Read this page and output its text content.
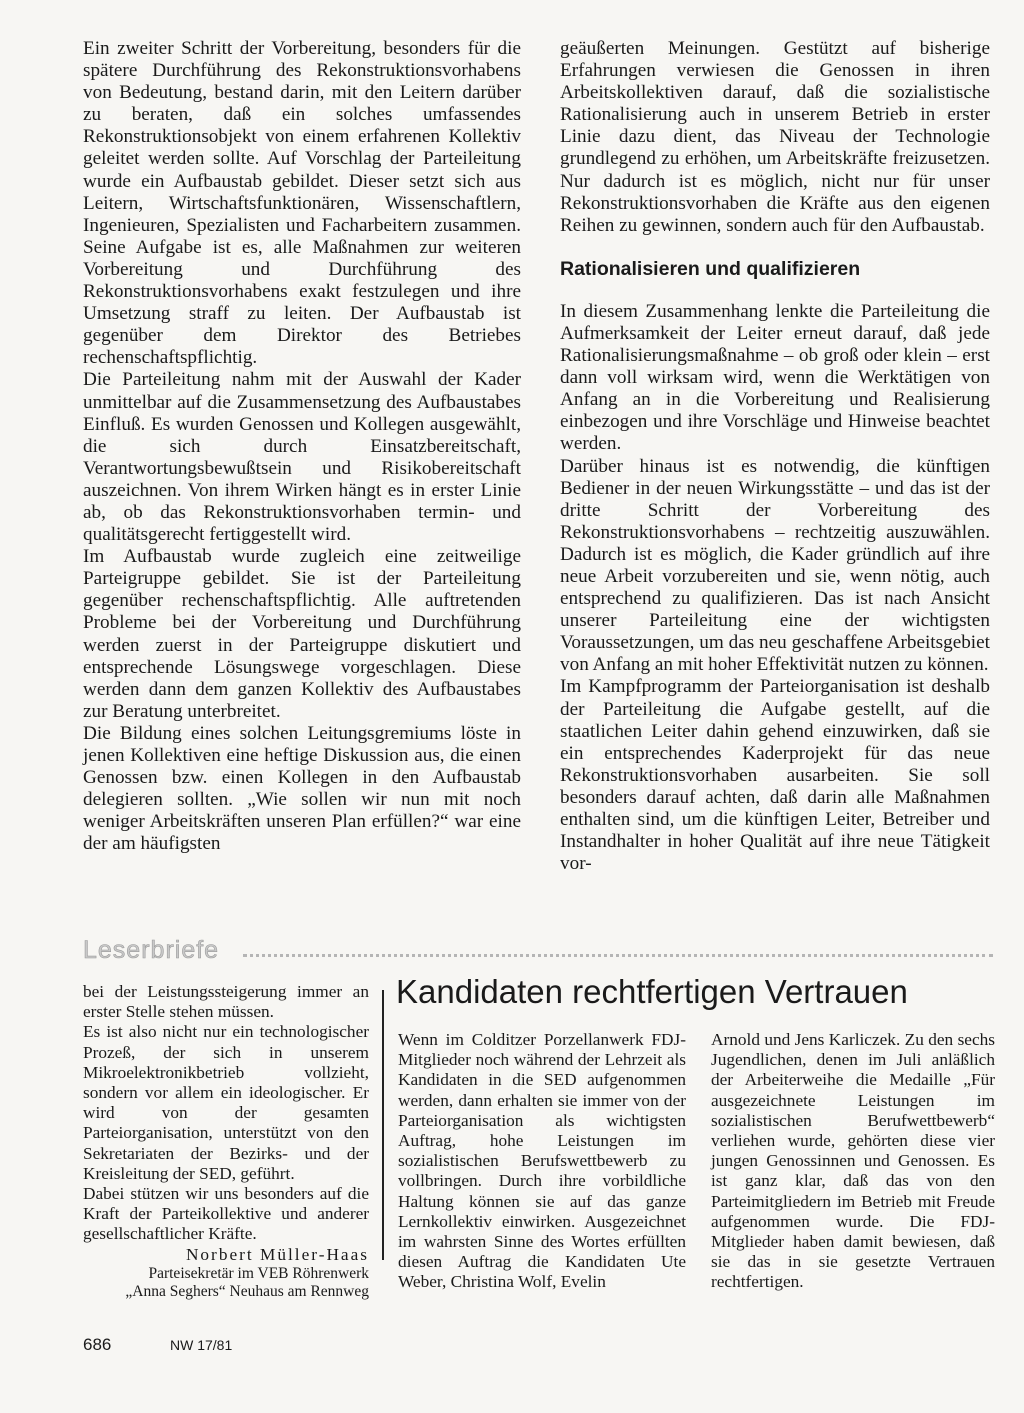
Ein zweiter Schritt der Vorbereitung, besonders für die spätere Durchführung des Rekonstruktionsvorhabens von Bedeutung, bestand darin, mit den Leitern darüber zu beraten, daß ein solches umfassendes Rekonstruktionsobjekt von einem erfahrenen Kollektiv geleitet werden sollte. Auf Vorschlag der Parteileitung wurde ein Aufbaustab gebildet. Dieser setzt sich aus Leitern, Wirtschaftsfunktionären, Wissenschaftlern, Ingenieuren, Spezialisten und Facharbeitern zusammen. Seine Aufgabe ist es, alle Maßnahmen zur weiteren Vorbereitung und Durchführung des Rekonstruktionsvorhabens exakt festzulegen und ihre Umsetzung straff zu leiten. Der Aufbaustab ist gegenüber dem Direktor des Betriebes rechenschaftspflichtig.

Die Parteileitung nahm mit der Auswahl der Kader unmittelbar auf die Zusammensetzung des Aufbaustabes Einfluß. Es wurden Genossen und Kollegen ausgewählt, die sich durch Einsatzbereitschaft, Verantwortungsbewußtsein und Risikobereitschaft auszeichnen. Von ihrem Wirken hängt es in erster Linie ab, ob das Rekonstruktionsvorhaben termin- und qualitätsgerecht fertiggestellt wird.

Im Aufbaustab wurde zugleich eine zeitweilige Parteigruppe gebildet. Sie ist der Parteileitung gegenüber rechenschaftspflichtig. Alle auftretenden Probleme bei der Vorbereitung und Durchführung werden zuerst in der Parteigruppe diskutiert und entsprechende Lösungswege vorgeschlagen. Diese werden dann dem ganzen Kollektiv des Aufbaustabes zur Beratung unterbreitet.

Die Bildung eines solchen Leitungsgremiums löste in jenen Kollektiven eine heftige Diskussion aus, die einen Genossen bzw. einen Kollegen in den Aufbaustab delegieren sollten. „Wie sollen wir nun mit noch weniger Arbeitskräften unseren Plan erfüllen?“ war eine der am häufigsten

geäußerten Meinungen. Gestützt auf bisherige Erfahrungen verwiesen die Genossen in ihren Arbeitskollektiven darauf, daß die sozialistische Rationalisierung auch in unserem Betrieb in erster Linie dazu dient, das Niveau der Technologie grundlegend zu erhöhen, um Arbeitskräfte freizusetzen. Nur dadurch ist es möglich, nicht nur für unser Rekonstruktionsvorhaben die Kräfte aus den eigenen Reihen zu gewinnen, sondern auch für den Aufbaustab.

Rationalisieren und qualifizieren

In diesem Zusammenhang lenkte die Parteileitung die Aufmerksamkeit der Leiter erneut darauf, daß jede Rationalisierungsmaßnahme – ob groß oder klein – erst dann voll wirksam wird, wenn die Werktätigen von Anfang an in die Vorbereitung und Realisierung einbezogen und ihre Vorschläge und Hinweise beachtet werden.

Darüber hinaus ist es notwendig, die künftigen Bediener in der neuen Wirkungsstätte – und das ist der dritte Schritt der Vorbereitung des Rekonstruktionsvorhabens – rechtzeitig auszuwählen. Dadurch ist es möglich, die Kader gründlich auf ihre neue Arbeit vorzubereiten und sie, wenn nötig, auch entsprechend zu qualifizieren. Das ist nach Ansicht unserer Parteileitung eine der wichtigsten Voraussetzungen, um das neu geschaffene Arbeitsgebiet von Anfang an mit hoher Effektivität nutzen zu können.

Im Kampfprogramm der Parteiorganisation ist deshalb der Parteileitung die Aufgabe gestellt, auf die staatlichen Leiter dahin gehend einzuwirken, daß sie ein entsprechendes Kaderprojekt für das neue Rekonstruktionsvorhaben ausarbeiten. Sie soll besonders darauf achten, daß darin alle Maßnahmen enthalten sind, um die künftigen Leiter, Betreiber und Instandhalter in hoher Qualität auf ihre neue Tätigkeit vor-

Leserbriefe

bei der Leistungssteigerung immer an erster Stelle stehen müssen.

Es ist also nicht nur ein technologischer Prozeß, der sich in unserem Mikroelektronikbetrieb vollzieht, sondern vor allem ein ideologischer. Er wird von der gesamten Parteiorganisation, unterstützt von den Sekretariaten der Bezirks- und der Kreisleitung der SED, geführt.

Dabei stützen wir uns besonders auf die Kraft der Parteikollektive und anderer gesellschaftlicher Kräfte.

Norbert Müller-Haas
Parteisekretär im VEB Röhrenwerk
„Anna Seghers“ Neuhaus am Rennweg
Kandidaten rechtfertigen Vertrauen

Wenn im Colditzer Porzellanwerk FDJ-Mitglieder noch während der Lehrzeit als Kandidaten in die SED aufgenommen werden, dann erhalten sie immer von der Parteiorganisation als wichtigsten Auftrag, hohe Leistungen im sozialistischen Berufswettbewerb zu vollbringen. Durch ihre vorbildliche Haltung können sie auf das ganze Lernkollektiv einwirken. Ausgezeichnet im wahrsten Sinne des Wortes erfüllten diesen Auftrag die Kandidaten Ute Weber, Christina Wolf, Evelin

Arnold und Jens Karliczek. Zu den sechs Jugendlichen, denen im Juli anläßlich der Arbeiterweihe die Medaille „Für ausgezeichnete Leistungen im sozialistischen Berufwettbewerb“ verliehen wurde, gehörten diese vier jungen Genossinnen und Genossen. Es ist ganz klar, daß das von den Parteimitgliedern im Betrieb mit Freude aufgenommen wurde. Die FDJ-Mitglieder haben damit bewiesen, daß sie das in sie gesetzte Vertrauen rechtfertigen.

686	NW 17/81
